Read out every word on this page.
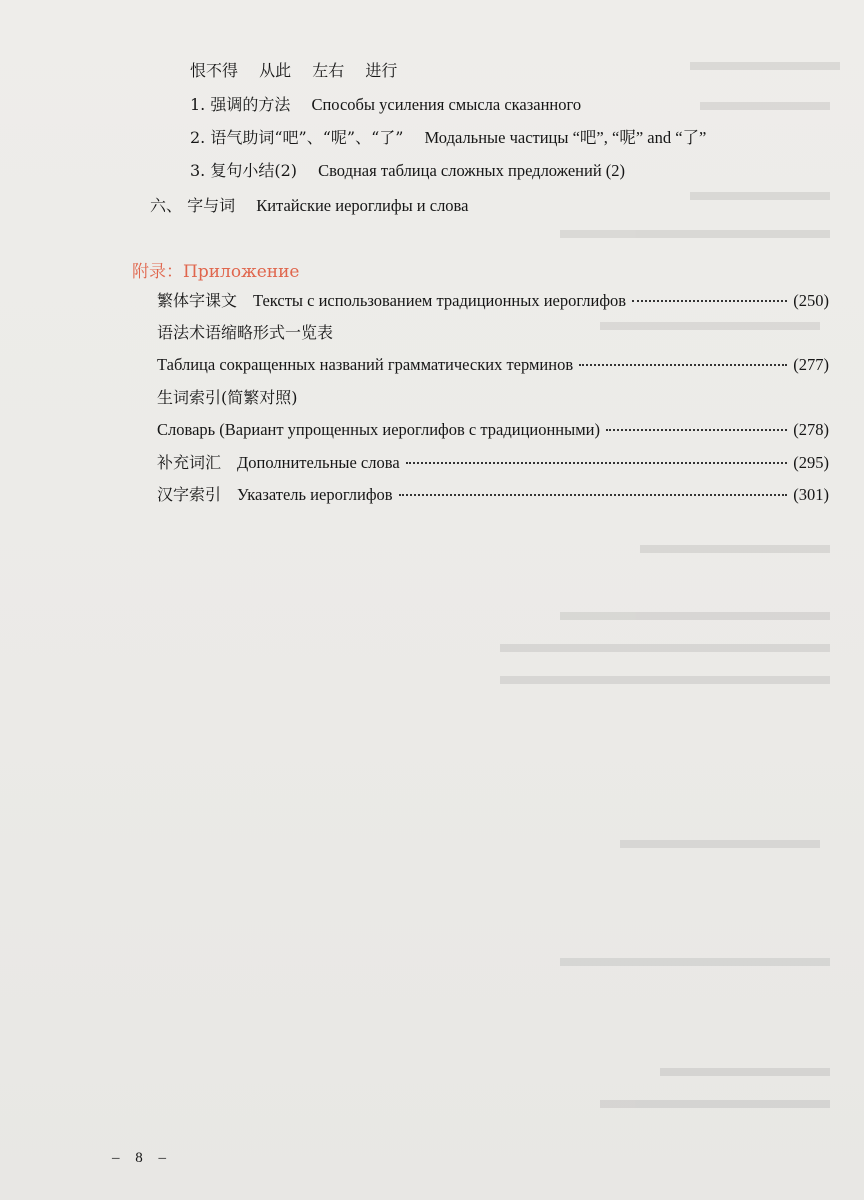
恨不得 从此 左右 进行
1. 强调的方法 Способы усиления смысла сказанного
2. 语气助词“吧”、“呢”、“了” Модальные частицы “吧”, “呢” and “了”
3. 复句小结(2) Сводная таблица сложных предложений (2)
六、 字与词 Китайские иероглифы и слова
附录：Приложение
繁体字课文 Тексты с использованием традиционных иероглифов	(250)
语法术语缩略形式一览表
Таблица сокращенных названий грамматических терминов	(277)
生词索引(简繁对照)
Словарь (Вариант упрощенных иероглифов с традиционными)	(278)
补充词汇 Дополнительные слова	(295)
汉字索引 Указатель иероглифов	(301)
– 8 –
